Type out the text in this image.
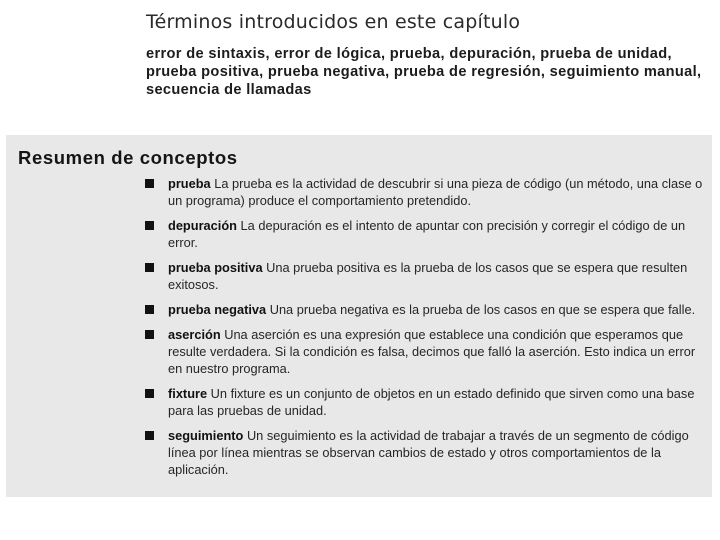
Términos introducidos en este capítulo

error de sintaxis, error de lógica, prueba, depuración, prueba de unidad, prueba positiva, prueba negativa, prueba de regresión, seguimiento manual, secuencia de llamadas

Resumen de conceptos
prueba La prueba es la actividad de descubrir si una pieza de código (un método, una clase o un programa) produce el comportamiento pretendido.
depuración La depuración es el intento de apuntar con precisión y corregir el código de un error.
prueba positiva Una prueba positiva es la prueba de los casos que se espera que resulten exitosos.
prueba negativa Una prueba negativa es la prueba de los casos en que se espera que falle.
aserción Una aserción es una expresión que establece una condición que esperamos que resulte verdadera. Si la condición es falsa, decimos que falló la aserción. Esto indica un error en nuestro programa.
fixture Un fixture es un conjunto de objetos en un estado definido que sirven como una base para las pruebas de unidad.
seguimiento Un seguimiento es la actividad de trabajar a través de un segmento de código línea por línea mientras se observan cambios de estado y otros comportamientos de la aplicación.
